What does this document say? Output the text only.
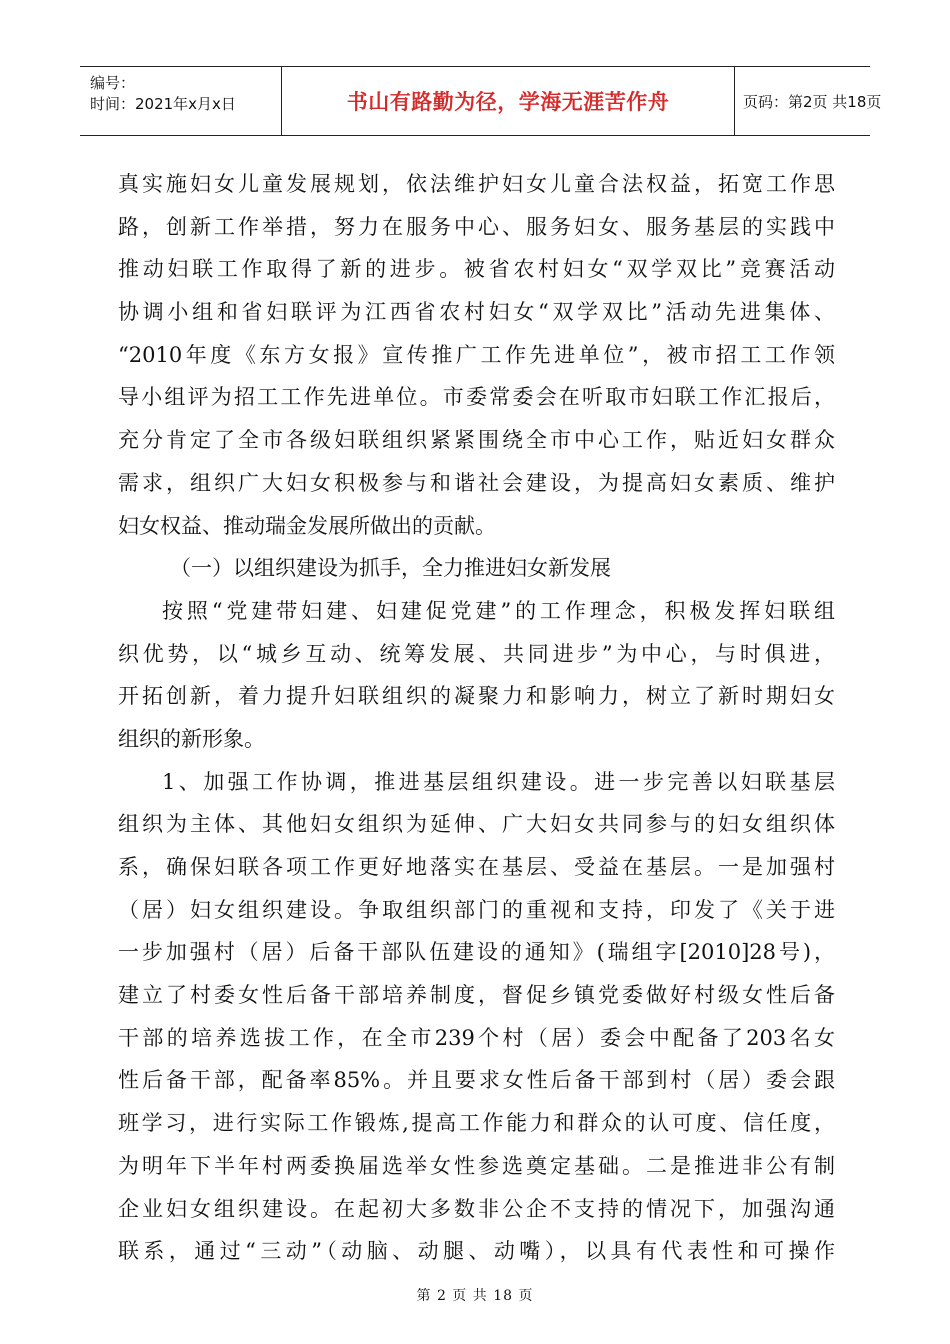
编号：
时间：2021年x月x日	书山有路勤为径，学海无涯苦作舟	页码：第2页 共18页
真实施妇女儿童发展规划，依法维护妇女儿童合法权益，拓宽工作思
路，创新工作举措，努力在服务中心、服务妇女、服务基层的实践中
推动妇联工作取得了新的进步。被省农村妇女“双学双比”竞赛活动
协调小组和省妇联评为江西省农村妇女“双学双比”活动先进集体、
“2010年度《东方女报》宣传推广工作先进单位”，被市招工工作领
导小组评为招工工作先进单位。市委常委会在听取市妇联工作汇报后，
充分肯定了全市各级妇联组织紧紧围绕全市中心工作，贴近妇女群众
需求，组织广大妇女积极参与和谐社会建设，为提高妇女素质、维护
妇女权益、推动瑞金发展所做出的贡献。
（一）以组织建设为抓手，全力推进妇女新发展
按照“党建带妇建、妇建促党建”的工作理念，积极发挥妇联组
织优势，以“城乡互动、统筹发展、共同进步”为中心，与时俱进，
开拓创新，着力提升妇联组织的凝聚力和影响力，树立了新时期妇女
组织的新形象。
1、加强工作协调，推进基层组织建设。进一步完善以妇联基层
组织为主体、其他妇女组织为延伸、广大妇女共同参与的妇女组织体
系，确保妇联各项工作更好地落实在基层、受益在基层。一是加强村
（居）妇女组织建设。争取组织部门的重视和支持，印发了《关于进
一步加强村（居）后备干部队伍建设的通知》(瑞组字[2010]28号)，
建立了村委女性后备干部培养制度，督促乡镇党委做好村级女性后备
干部的培养选拔工作，在全市239个村（居）委会中配备了203名女
性后备干部，配备率85%。并且要求女性后备干部到村（居）委会跟
班学习，进行实际工作锻炼,提高工作能力和群众的认可度、信任度，
为明年下半年村两委换届选举女性参选奠定基础。二是推进非公有制
企业妇女组织建设。在起初大多数非公企不支持的情况下，加强沟通
联系，通过“三动”（动脑、动腿、动嘴），以具有代表性和可操作
第 2 页 共 18 页
